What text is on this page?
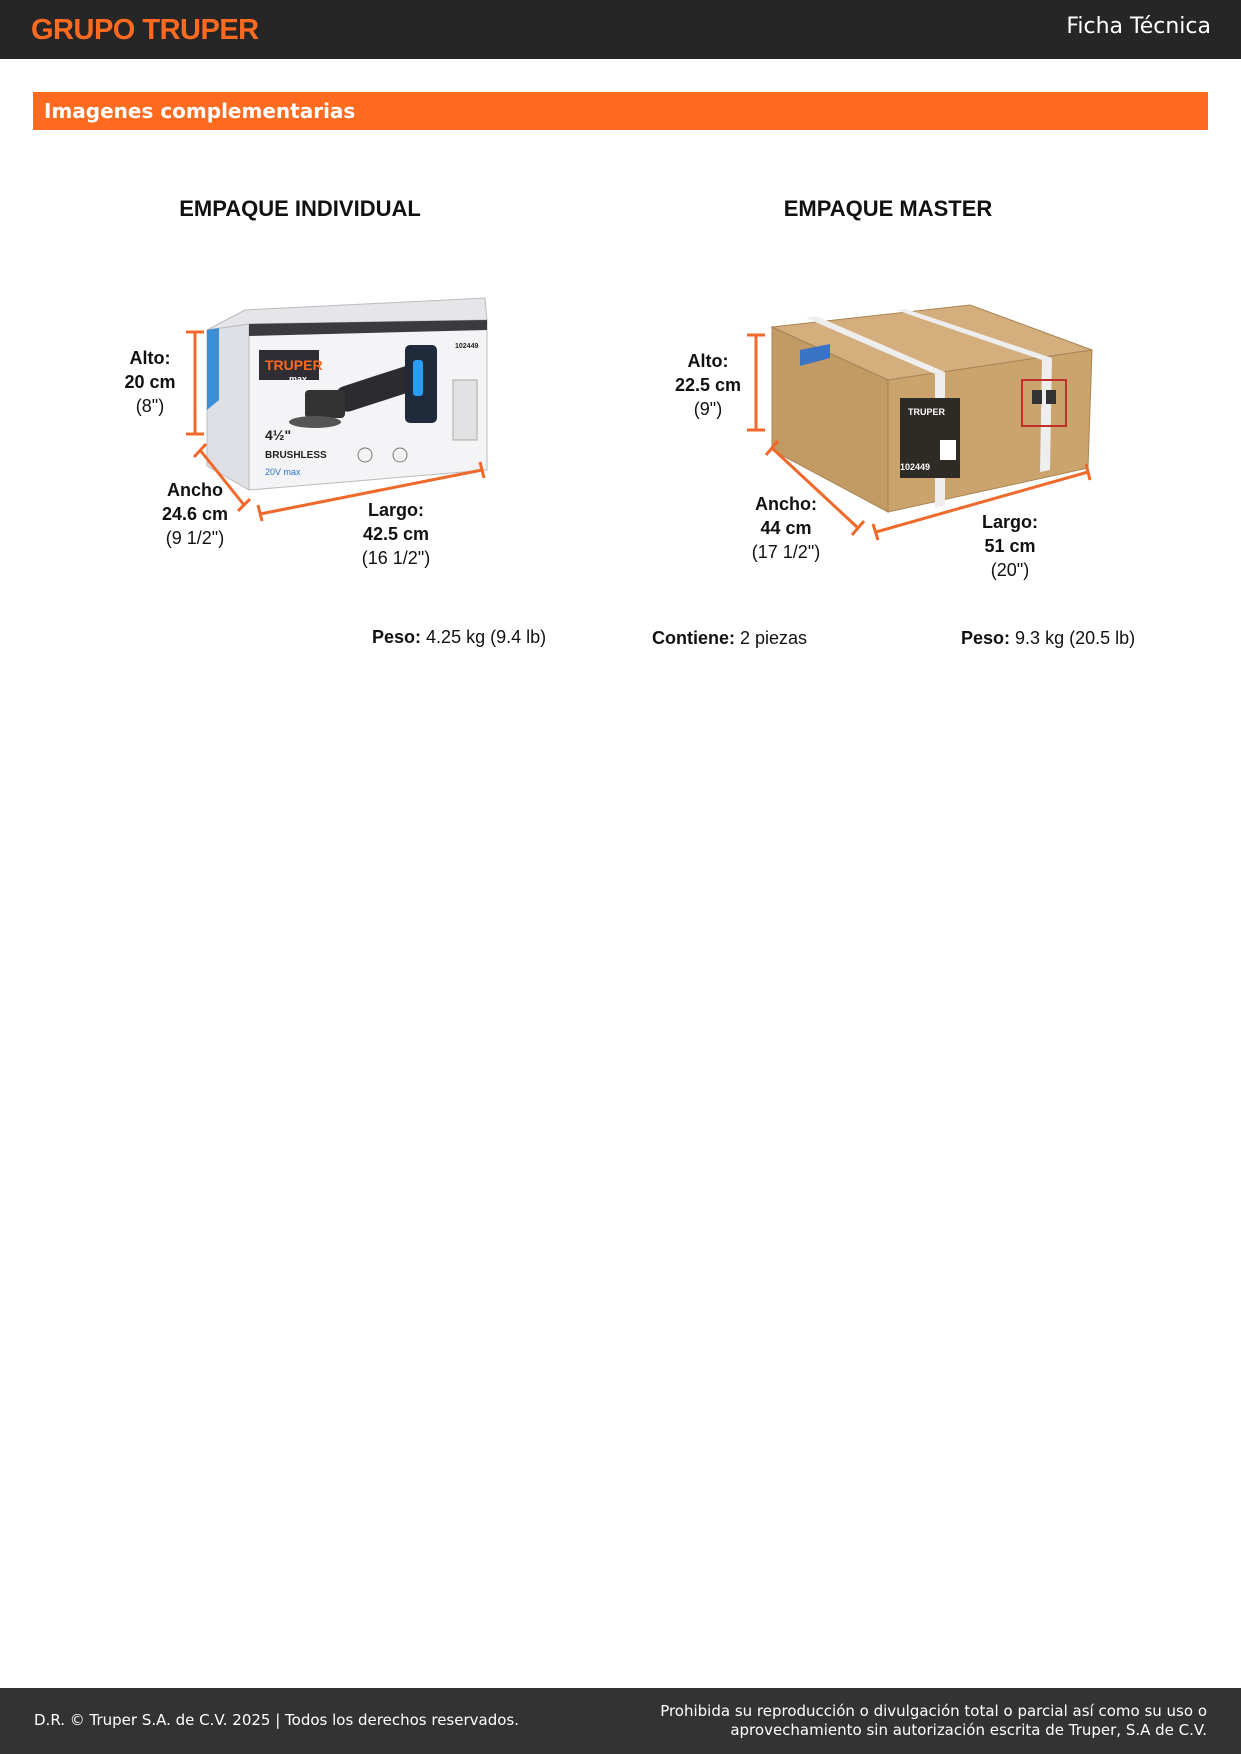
GRUPO TRUPER	Ficha Técnica
Imagenes complementarias
EMPAQUE INDIVIDUAL	EMPAQUE MASTER
TRUPER
max
4½"
BRUSHLESS
20V max
102449
Alto:
20 cm
(8")
Ancho
24.6 cm
(9 1/2")
Largo:
42.5 cm
(16 1/2")
TRUPER
102449
Alto:
22.5 cm
(9")
Ancho:
44 cm
(17 1/2")
Largo:
51 cm
(20")
Peso: 4.25 kg (9.4 lb)	Contiene: 2 piezas	Peso: 9.3 kg (20.5 lb)
D.R. © Truper S.A. de C.V. 2025 | Todos los derechos reservados.	Prohibida su reproducción o divulgación total o parcial así como su uso o
aprovechamiento sin autorización escrita de Truper, S.A de C.V.
